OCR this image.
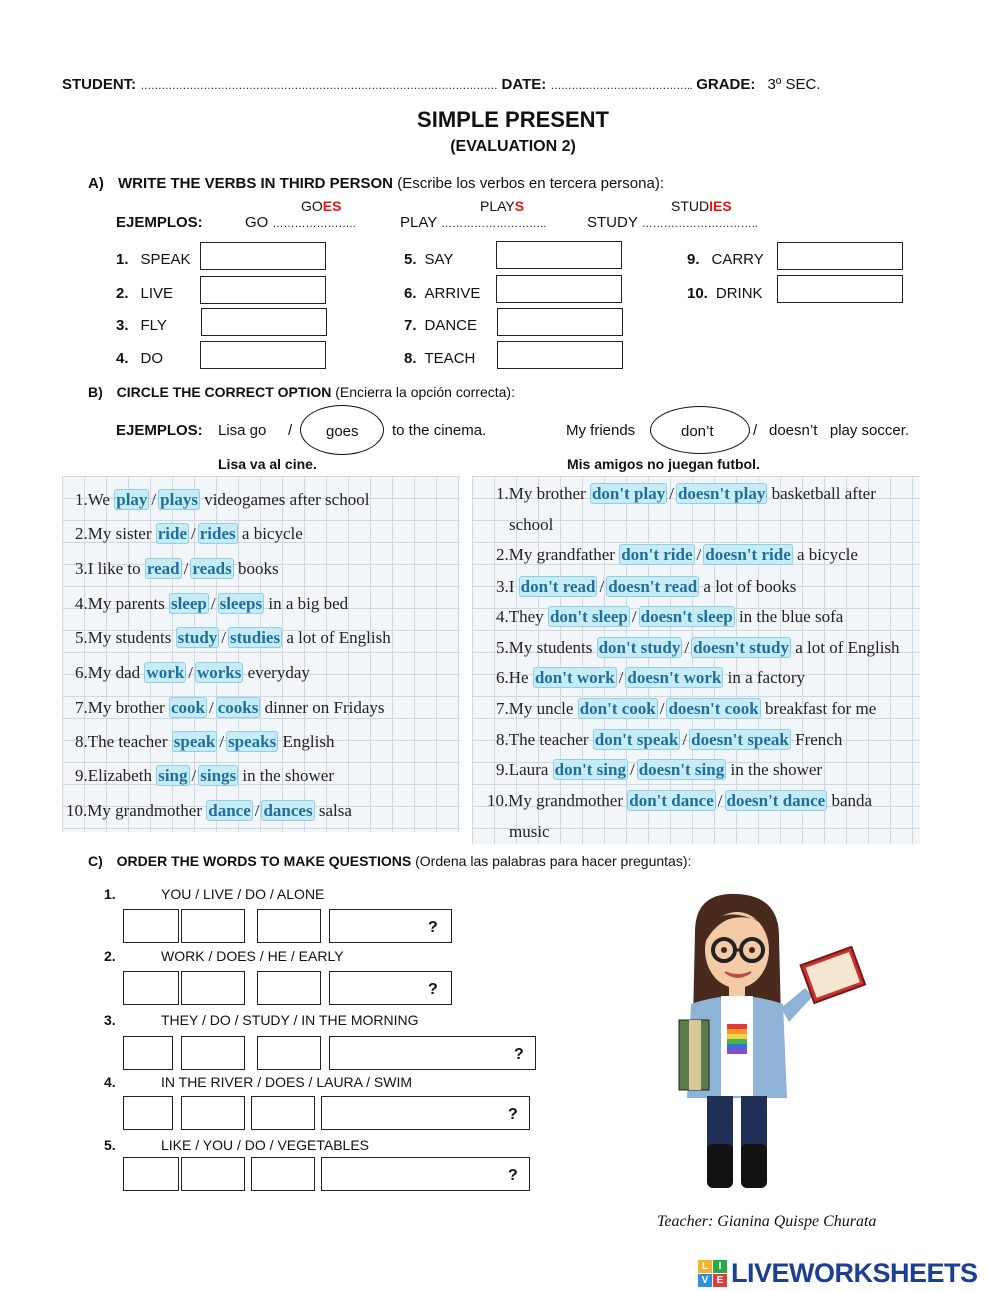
STUDENT: ………………………………………………………………………………………… DATE: ………………………………….. GRADE: 3º SEC.
SIMPLE PRESENT
(EVALUATION 2)
A) WRITE THE VERBS IN THIRD PERSON (Escribe los verbos en tercera persona):
GOES	PLAYS	STUDIES
EJEMPLOS:	GO …………………..	PLAY ………………………..	STUDY …………………………..
1. SPEAK
2. LIVE
3. FLY
4. DO
5. SAY
6. ARRIVE
7. DANCE
8. TEACH
9. CARRY
10. DRINK
B) CIRCLE THE CORRECT OPTION (Encierra la opción correcta):
EJEMPLOS: Lisa go / goes to the cinema.
Lisa va al cine.
My friends	don’t	/ doesn’t   play soccer.
Mis amigos no juegan futbol.
1.We play / plays videogames after school
2.My sister ride / rides a bicycle
3.I like to read / reads books
4.My parents sleep / sleeps in a big bed
5.My students study / studies a lot of English
6.My dad work / works everyday
7.My brother cook / cooks dinner on Fridays
8.The teacher speak / speaks English
9.Elizabeth sing / sings in the shower
10.My grandmother dance / dances salsa
1.My brother don't play / doesn't play basketball after
school
2.My grandfather don't ride / doesn't ride a bicycle
3.I don't read / doesn't read a lot of books
4.They don't sleep / doesn't sleep in the blue sofa
5.My students don't study / doesn't study a lot of English
6.He don't work / doesn't work in a factory
7.My uncle don't cook / doesn't cook breakfast for me
8.The teacher don't speak / doesn't speak French
9.Laura don't sing / doesn't sing in the shower
10.My grandmother don't dance / doesn't dance banda
music
C) ORDER THE WORDS TO MAKE QUESTIONS (Ordena las palabras para hacer preguntas):
1.	YOU / LIVE / DO / ALONE
?
2.	WORK / DOES / HE / EARLY
?
3.	THEY / DO / STUDY / IN THE MORNING
?
4.	IN THE RIVER / DOES / LAURA / SWIM
?
5.	LIKE / YOU / DO / VEGETABLES
?
Teacher: Gianina Quispe Churata
L	I
V E LIVEWORKSHEETS
